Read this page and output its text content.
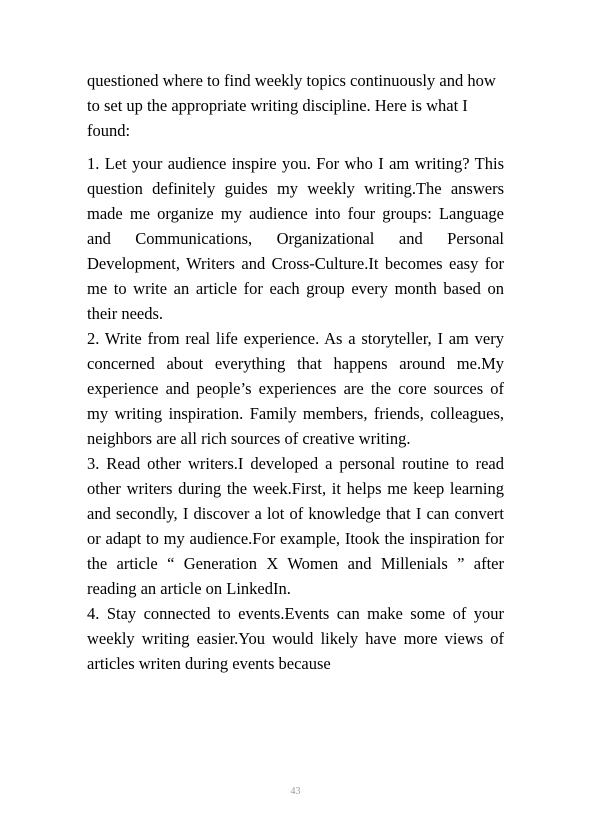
questioned where to find weekly topics continuously and how to set up the appropriate writing discipline. Here is what I found:

1. Let your audience inspire you. For who I am writing? This question definitely guides my weekly writing.The answers made me organize my audience into four groups: Language and Communications, Organizational and Personal Development, Writers and Cross-Culture.It becomes easy for me to write an article for each group every month based on their needs.

2. Write from real life experience. As a storyteller, I am very concerned about everything that happens around me.My experience and people’s experiences are the core sources of my writing inspiration. Family members, friends, colleagues, neighbors are all rich sources of creative writing.

3. Read other writers.I developed a personal routine to read other writers during the week.First, it helps me keep learning and secondly, I discover a lot of knowledge that I can convert or adapt to my audience.For example, Itook the inspiration for the article “ Generation X Women and Millenials ” after reading an article on LinkedIn.

4. Stay connected to events.Events can make some of your weekly writing easier.You would likely have more views of articles writen during events because

43
